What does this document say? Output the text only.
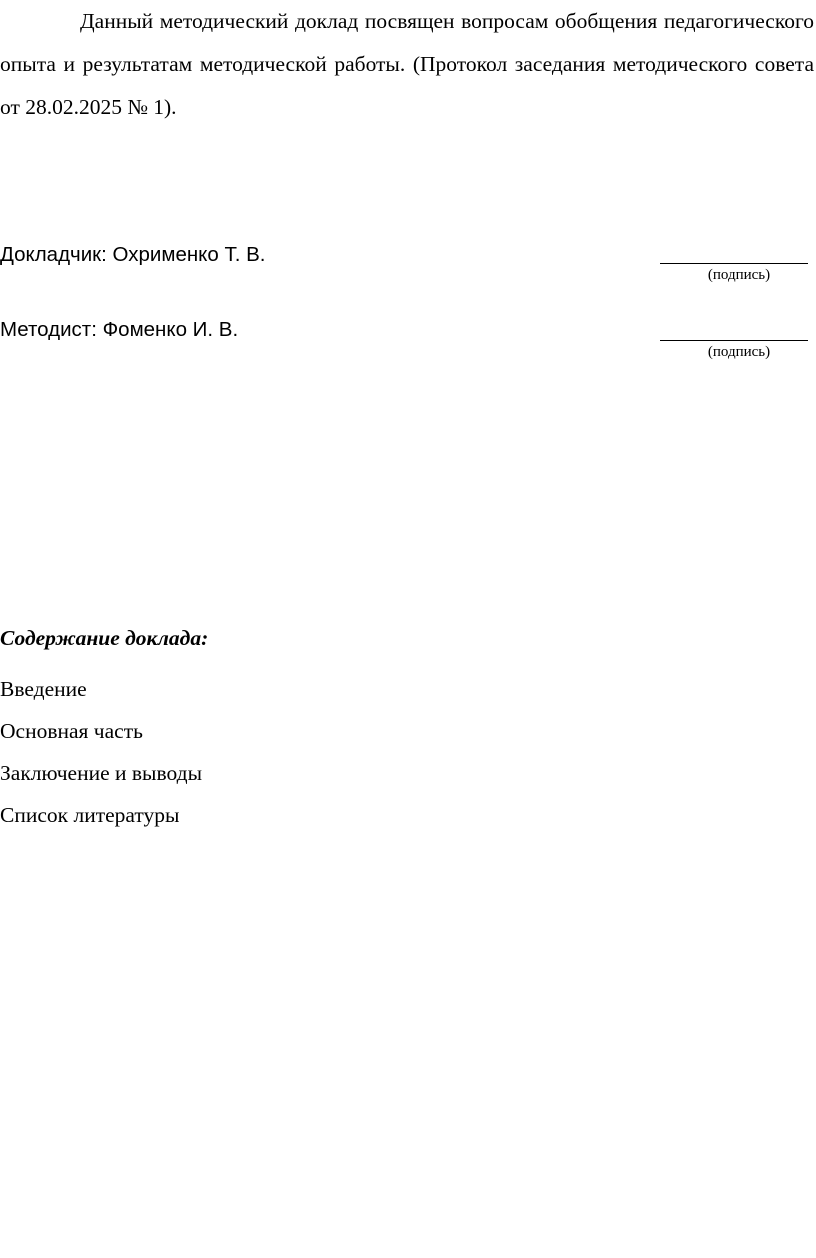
Данный методический доклад посвящен вопросам обобщения педагогического опыта и результатам методической работы. (Протокол заседания методического совета от 28.02.2025 № 1).

Докладчик: Охрименко Т. В.
(подпись)
Методист: Фоменко И. В.
(подпись)

Содержание доклада:

Введение
Основная часть
Заключение и выводы
Список литературы
